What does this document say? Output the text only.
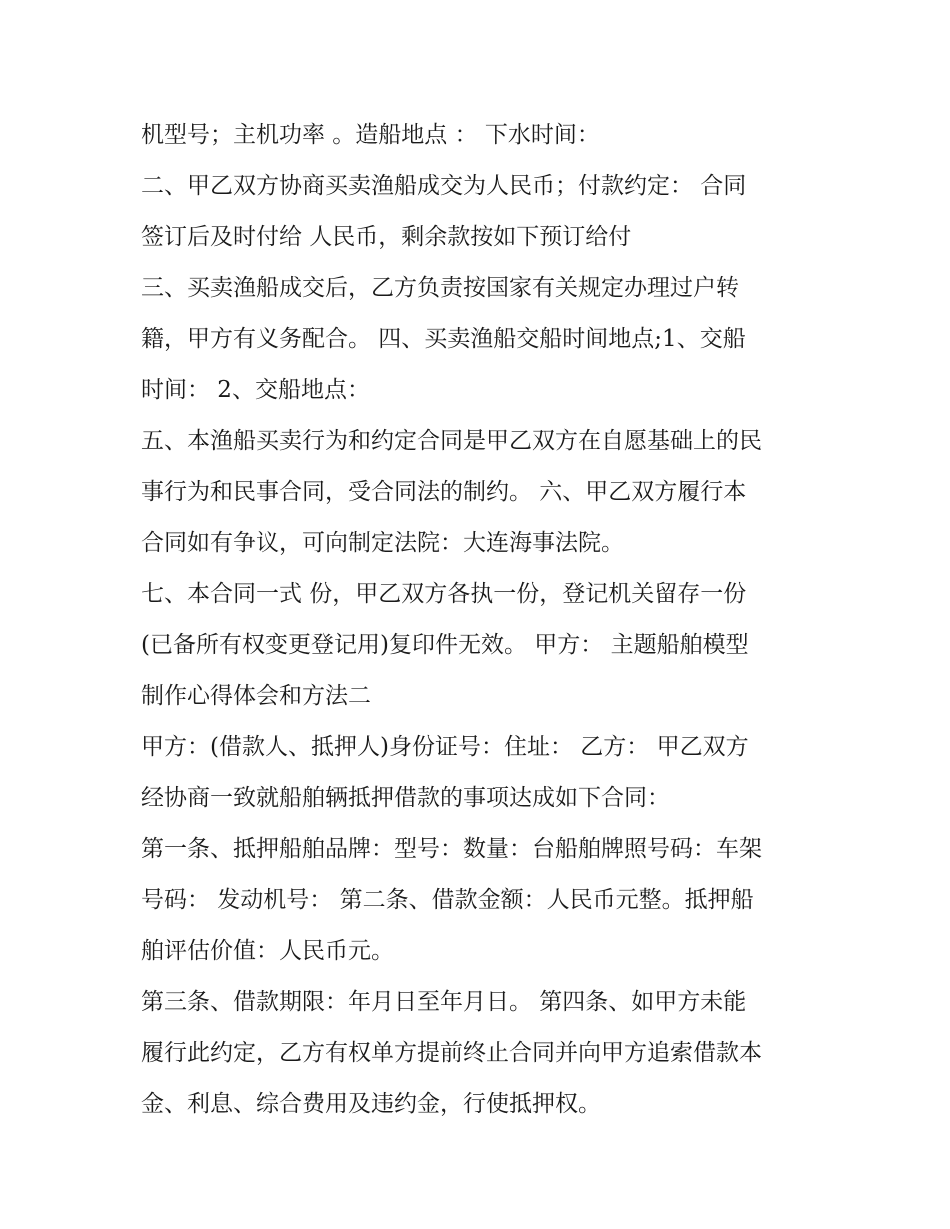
机型号；主机功率 。造船地点 ： 下水时间：
二、甲乙双方协商买卖渔船成交为人民币；付款约定： 合同
签订后及时付给 人民币，剩余款按如下预订给付
三、买卖渔船成交后，乙方负责按国家有关规定办理过户转
籍，甲方有义务配合。 四、买卖渔船交船时间地点;1、交船
时间： 2、交船地点：
五、本渔船买卖行为和约定合同是甲乙双方在自愿基础上的民
事行为和民事合同，受合同法的制约。 六、甲乙双方履行本
合同如有争议，可向制定法院：大连海事法院。
七、本合同一式 份，甲乙双方各执一份，登记机关留存一份
(已备所有权变更登记用)复印件无效。 甲方： 主题船舶模型
制作心得体会和方法二
甲方：(借款人、抵押人)身份证号：住址： 乙方： 甲乙双方
经协商一致就船舶辆抵押借款的事项达成如下合同：
第一条、抵押船舶品牌：型号：数量：台船舶牌照号码：车架
号码： 发动机号： 第二条、借款金额：人民币元整。抵押船
舶评估价值：人民币元。
第三条、借款期限：年月日至年月日。 第四条、如甲方未能
履行此约定，乙方有权单方提前终止合同并向甲方追索借款本
金、利息、综合费用及违约金，行使抵押权。
